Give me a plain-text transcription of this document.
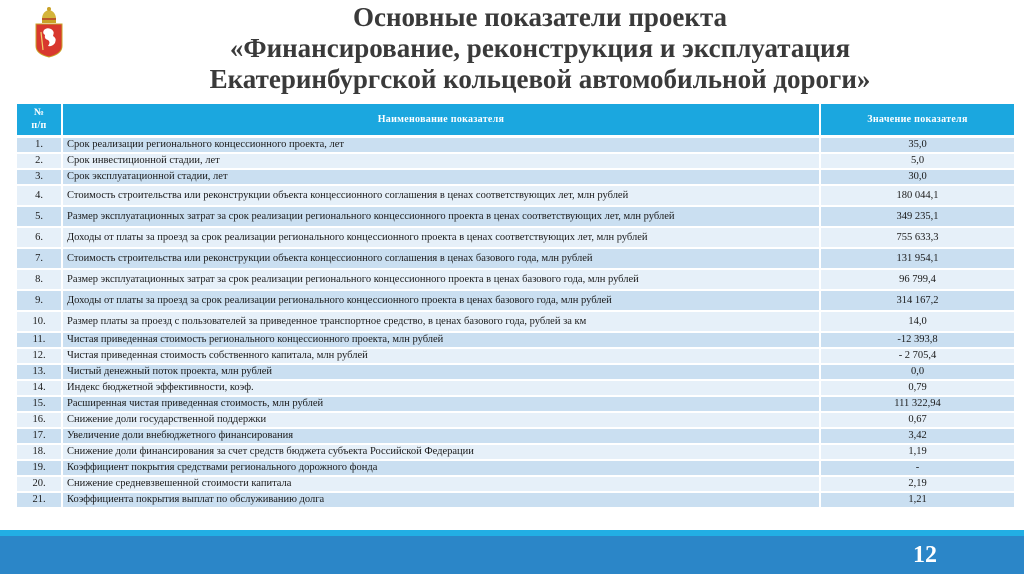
Основные показатели проекта
«Финансирование, реконструкция и эксплуатация
Екатеринбургской кольцевой автомобильной дороги»
№
п/п	Наименование показателя	Значение показателя
1.	Срок реализации регионального концессионного проекта, лет	35,0
2.	Срок инвестиционной стадии, лет	5,0
3.	Срок эксплуатационной стадии, лет	30,0
4.	Стоимость строительства или реконструкции объекта концессионного соглашения в ценах соответствующих лет, млн рублей	180 044,1
5.	Размер эксплуатационных затрат за срок реализации регионального концессионного проекта в ценах соответствующих лет, млн рублей	349 235,1
6.	Доходы от платы за проезд за срок реализации регионального концессионного проекта в ценах соответствующих лет, млн рублей	755 633,3
7.	Стоимость строительства или реконструкции объекта концессионного соглашения в ценах базового года, млн рублей	131 954,1
8.	Размер эксплуатационных затрат за срок реализации регионального концессионного проекта в ценах базового года, млн рублей	96 799,4
9.	Доходы от платы за проезд за срок реализации регионального концессионного проекта в ценах базового года, млн рублей	314 167,2
10.	Размер платы за проезд с пользователей за приведенное транспортное средство, в ценах базового года, рублей за км	14,0
11.	Чистая приведенная стоимость регионального концессионного проекта, млн рублей	-12 393,8
12.	Чистая приведенная стоимость собственного капитала, млн рублей	- 2 705,4
13.	Чистый денежный поток проекта, млн рублей	0,0
14.	Индекс бюджетной эффективности, коэф.	0,79
15.	Расширенная чистая приведенная стоимость, млн рублей	111 322,94
16.	Снижение доли государственной поддержки	0,67
17.	Увеличение доли внебюджетного финансирования	3,42
18.	Снижение доли финансирования за счет средств бюджета субъекта Российской Федерации	1,19
19.	Коэффициент покрытия средствами регионального дорожного фонда	-
20.	Снижение средневзвешенной стоимости капитала	2,19
21.	Коэффициента покрытия выплат по обслуживанию долга	1,21
12
